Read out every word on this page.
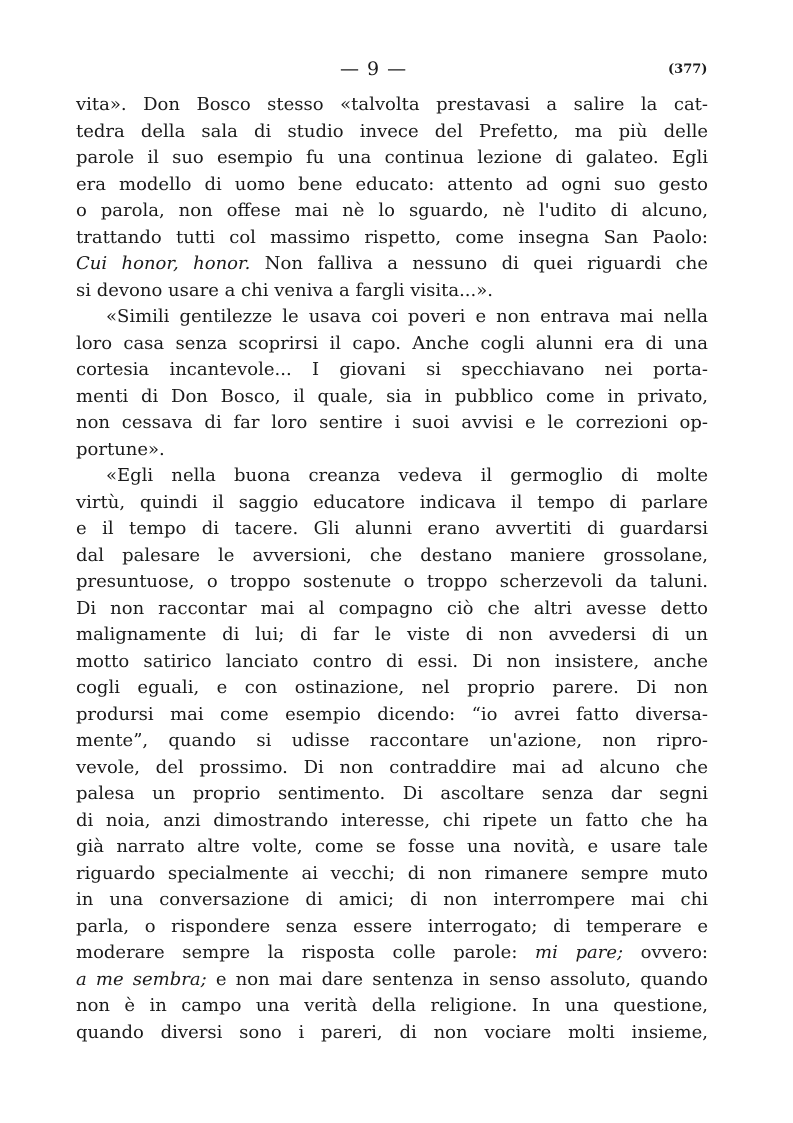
— 9 —	(377)
vita». Don Bosco stesso «talvolta prestavasi a salire la cat-
tedra della sala di studio invece del Prefetto, ma più delle
parole il suo esempio fu una continua lezione di galateo. Egli
era modello di uomo bene educato: attento ad ogni suo gesto
o parola, non offese mai nè lo sguardo, nè l'udito di alcuno,
trattando tutti col massimo rispetto, come insegna San Paolo:
Cui honor, honor. Non falliva a nessuno di quei riguardi che
si devono usare a chi veniva a fargli visita...».
«Simili gentilezze le usava coi poveri e non entrava mai nella
loro casa senza scoprirsi il capo. Anche cogli alunni era di una
cortesia incantevole... I giovani si specchiavano nei porta-
menti di Don Bosco, il quale, sia in pubblico come in privato,
non cessava di far loro sentire i suoi avvisi e le correzioni op-
portune».
«Egli nella buona creanza vedeva il germoglio di molte
virtù, quindi il saggio educatore indicava il tempo di parlare
e il tempo di tacere. Gli alunni erano avvertiti di guardarsi
dal palesare le avversioni, che destano maniere grossolane,
presuntuose, o troppo sostenute o troppo scherzevoli da taluni.
Di non raccontar mai al compagno ciò che altri avesse detto
malignamente di lui; di far le viste di non avvedersi di un
motto satirico lanciato contro di essi. Di non insistere, anche
cogli eguali, e con ostinazione, nel proprio parere. Di non
prodursi mai come esempio dicendo: “io avrei fatto diversa-
mente”, quando si udisse raccontare un'azione, non ripro-
vevole, del prossimo. Di non contraddire mai ad alcuno che
palesa un proprio sentimento. Di ascoltare senza dar segni
di noia, anzi dimostrando interesse, chi ripete un fatto che ha
già narrato altre volte, come se fosse una novità, e usare tale
riguardo specialmente ai vecchi; di non rimanere sempre muto
in una conversazione di amici; di non interrompere mai chi
parla, o rispondere senza essere interrogato; di temperare e
moderare sempre la risposta colle parole: mi pare; ovvero:
a me sembra; e non mai dare sentenza in senso assoluto, quando
non è in campo una verità della religione. In una questione,
quando diversi sono i pareri, di non vociare molti insieme,
